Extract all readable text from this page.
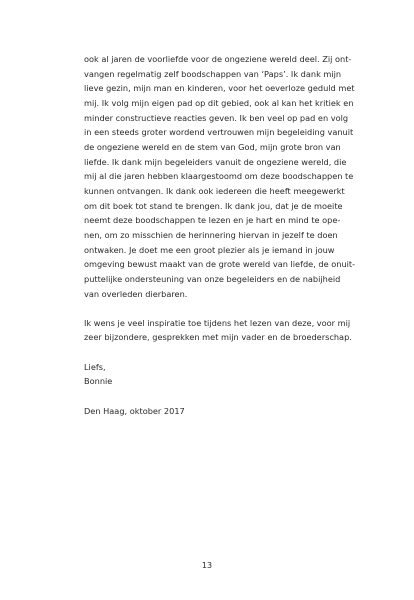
ook al jaren de voorliefde voor de ongeziene wereld deel. Zij ont-
vangen regelmatig zelf boodschappen van ‘Paps’. Ik dank mijn
lieve gezin, mijn man en kinderen, voor het oeverloze geduld met
mij. Ik volg mijn eigen pad op dit gebied, ook al kan het kritiek en
minder constructieve reacties geven. Ik ben veel op pad en volg
in een steeds groter wordend vertrouwen mijn begeleiding vanuit
de ongeziene wereld en de stem van God, mijn grote bron van
liefde. Ik dank mijn begeleiders vanuit de ongeziene wereld, die
mij al die jaren hebben klaargestoomd om deze boodschappen te
kunnen ontvangen. Ik dank ook iedereen die heeft meegewerkt
om dit boek tot stand te brengen. Ik dank jou, dat je de moeite
neemt deze boodschappen te lezen en je hart en mind te ope-
nen, om zo misschien de herinnering hiervan in jezelf te doen
ontwaken. Je doet me een groot plezier als je iemand in jouw
omgeving bewust maakt van de grote wereld van liefde, de onuit-
puttelijke ondersteuning van onze begeleiders en de nabijheid
van overleden dierbaren.
Ik wens je veel inspiratie toe tijdens het lezen van deze, voor mij
zeer bijzondere, gesprekken met mijn vader en de broederschap.
Liefs,
Bonnie
Den Haag, oktober 2017
13
